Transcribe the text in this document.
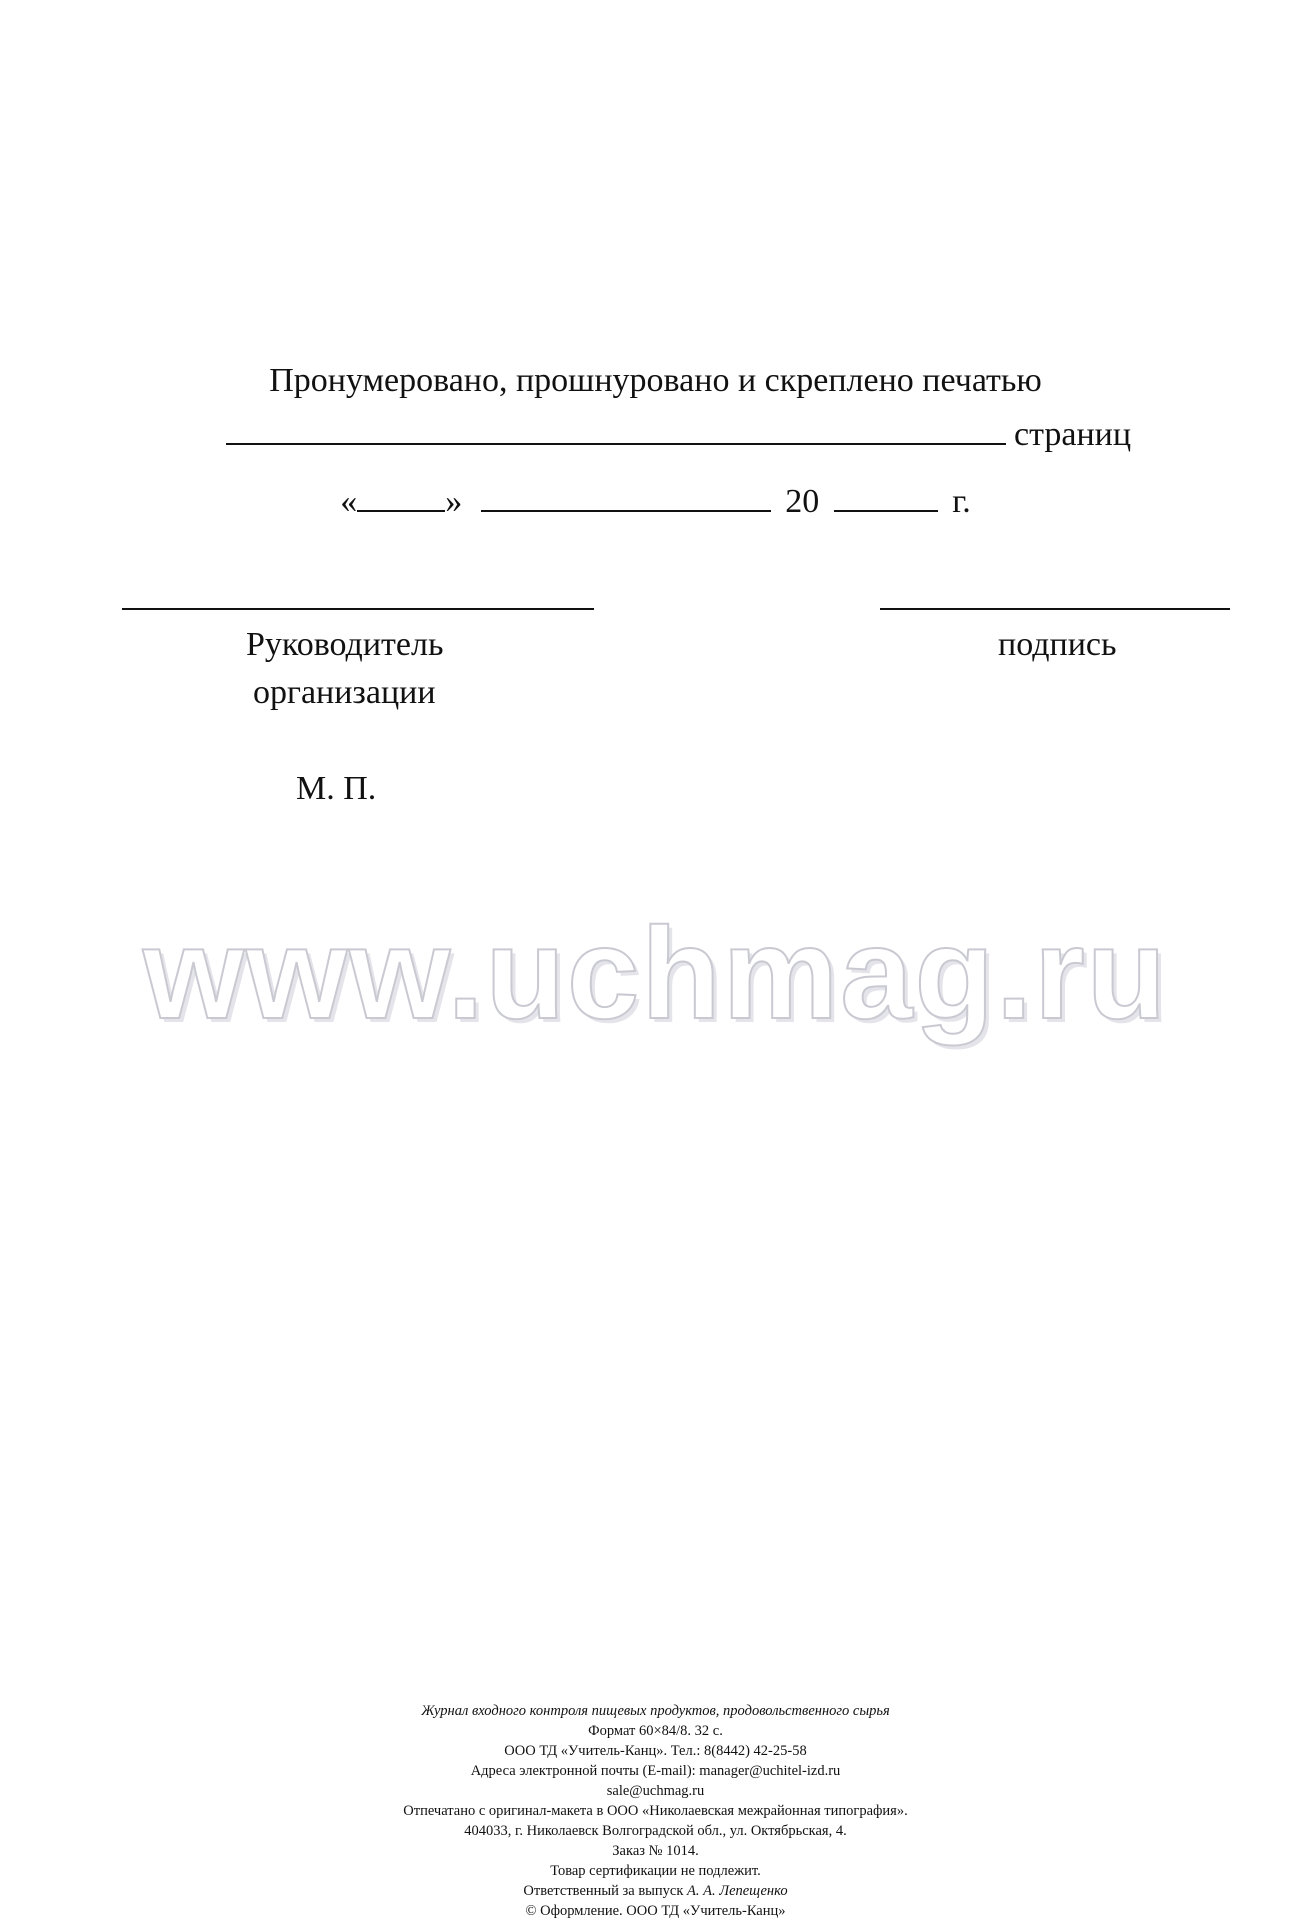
Пронумеровано, прошнуровано и скреплено печатью
страниц
«	»	20	г.
Руководитель
организации
подпись
М. П.
www.uchmag.ru
Журнал входного контроля пищевых продуктов, продовольственного сырья
Формат 60×84/8. 32 с.
ООО ТД «Учитель-Канц». Тел.: 8(8442) 42-25-58
Адреса электронной почты (E-mail): manager@uchitel-izd.ru
sale@uchmag.ru
Отпечатано с оригинал-макета в ООО «Николаевская межрайонная типография».
404033, г. Николаевск Волгоградской обл., ул. Октябрьская, 4.
Заказ № 1014.
Товар сертификации не подлежит.
Ответственный за выпуск А. А. Лепещенко
© Оформление. ООО ТД «Учитель-Канц»
